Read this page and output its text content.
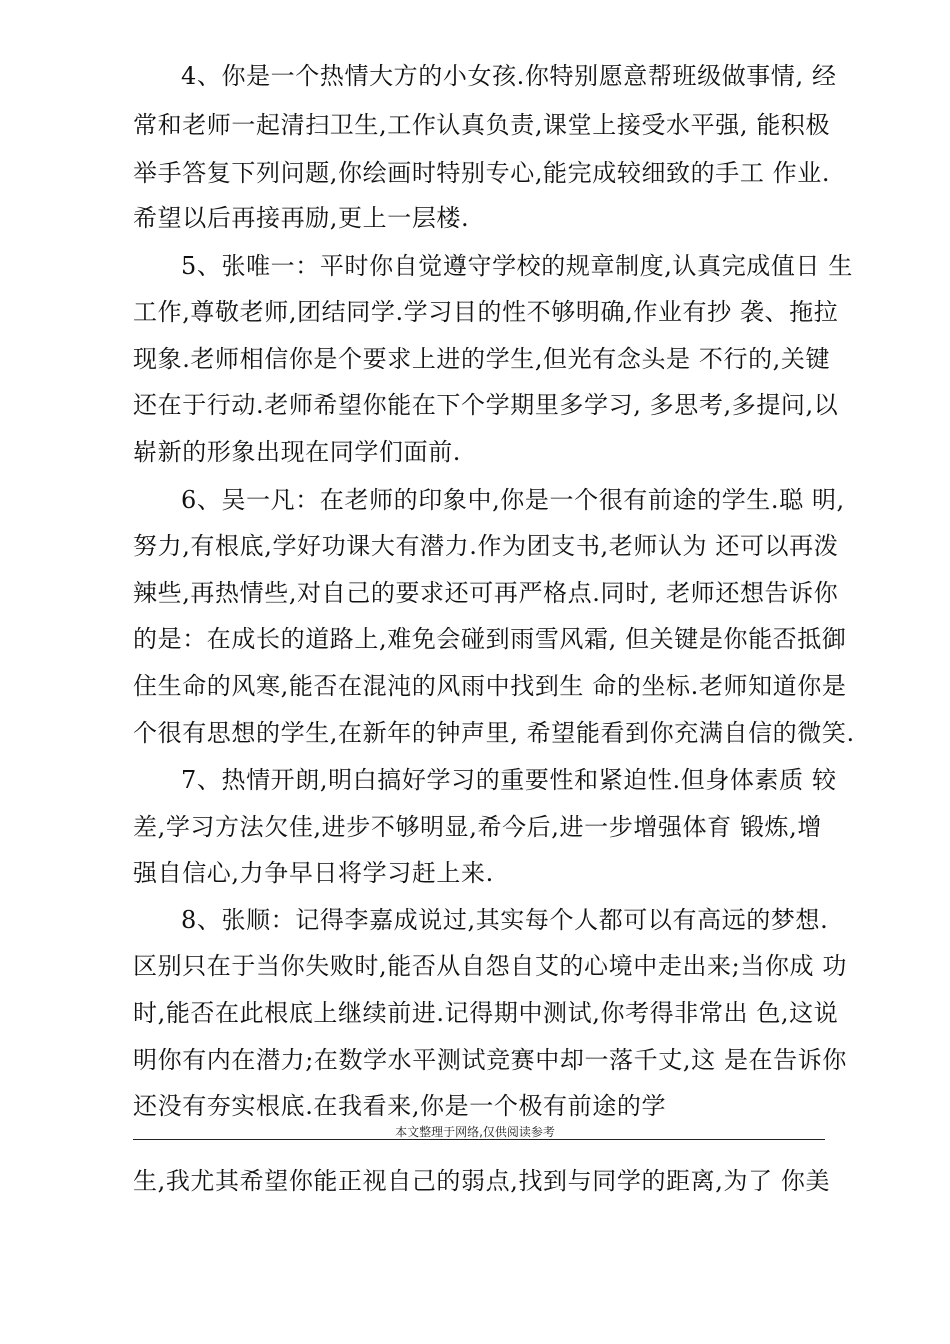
4、你是一个热情大方的小女孩.你特别愿意帮班级做事情, 经
常和老师一起清扫卫生,工作认真负责,课堂上接受水平强, 能积极
举手答复下列问题,你绘画时特别专心,能完成较细致的手工 作业.
希望以后再接再励,更上一层楼.
5、张唯一：平时你自觉遵守学校的规章制度,认真完成值日 生
工作,尊敬老师,团结同学.学习目的性不够明确,作业有抄 袭、拖拉
现象.老师相信你是个要求上进的学生,但光有念头是 不行的,关键
还在于行动.老师希望你能在下个学期里多学习, 多思考,多提问,以
崭新的形象出现在同学们面前.
6、吴一凡：在老师的印象中,你是一个很有前途的学生.聪 明,
努力,有根底,学好功课大有潜力.作为团支书,老师认为 还可以再泼
辣些,再热情些,对自己的要求还可再严格点.同时, 老师还想告诉你
的是：在成长的道路上,难免会碰到雨雪风霜, 但关键是你能否抵御
住生命的风寒,能否在混沌的风雨中找到生 命的坐标.老师知道你是
个很有思想的学生,在新年的钟声里, 希望能看到你充满自信的微笑.
7、热情开朗,明白搞好学习的重要性和紧迫性.但身体素质 较
差,学习方法欠佳,进步不够明显,希今后,进一步增强体育 锻炼,增
强自信心,力争早日将学习赶上来.
8、张顺：记得李嘉成说过,其实每个人都可以有高远的梦想.
区别只在于当你失败时,能否从自怨自艾的心境中走出来;当你成 功
时,能否在此根底上继续前进.记得期中测试,你考得非常出 色,这说
明你有内在潜力;在数学水平测试竞赛中却一落千丈,这 是在告诉你
还没有夯实根底.在我看来,你是一个极有前途的学
本文整理于网络,仅供阅读参考
生,我尤其希望你能正视自己的弱点,找到与同学的距离,为了 你美
